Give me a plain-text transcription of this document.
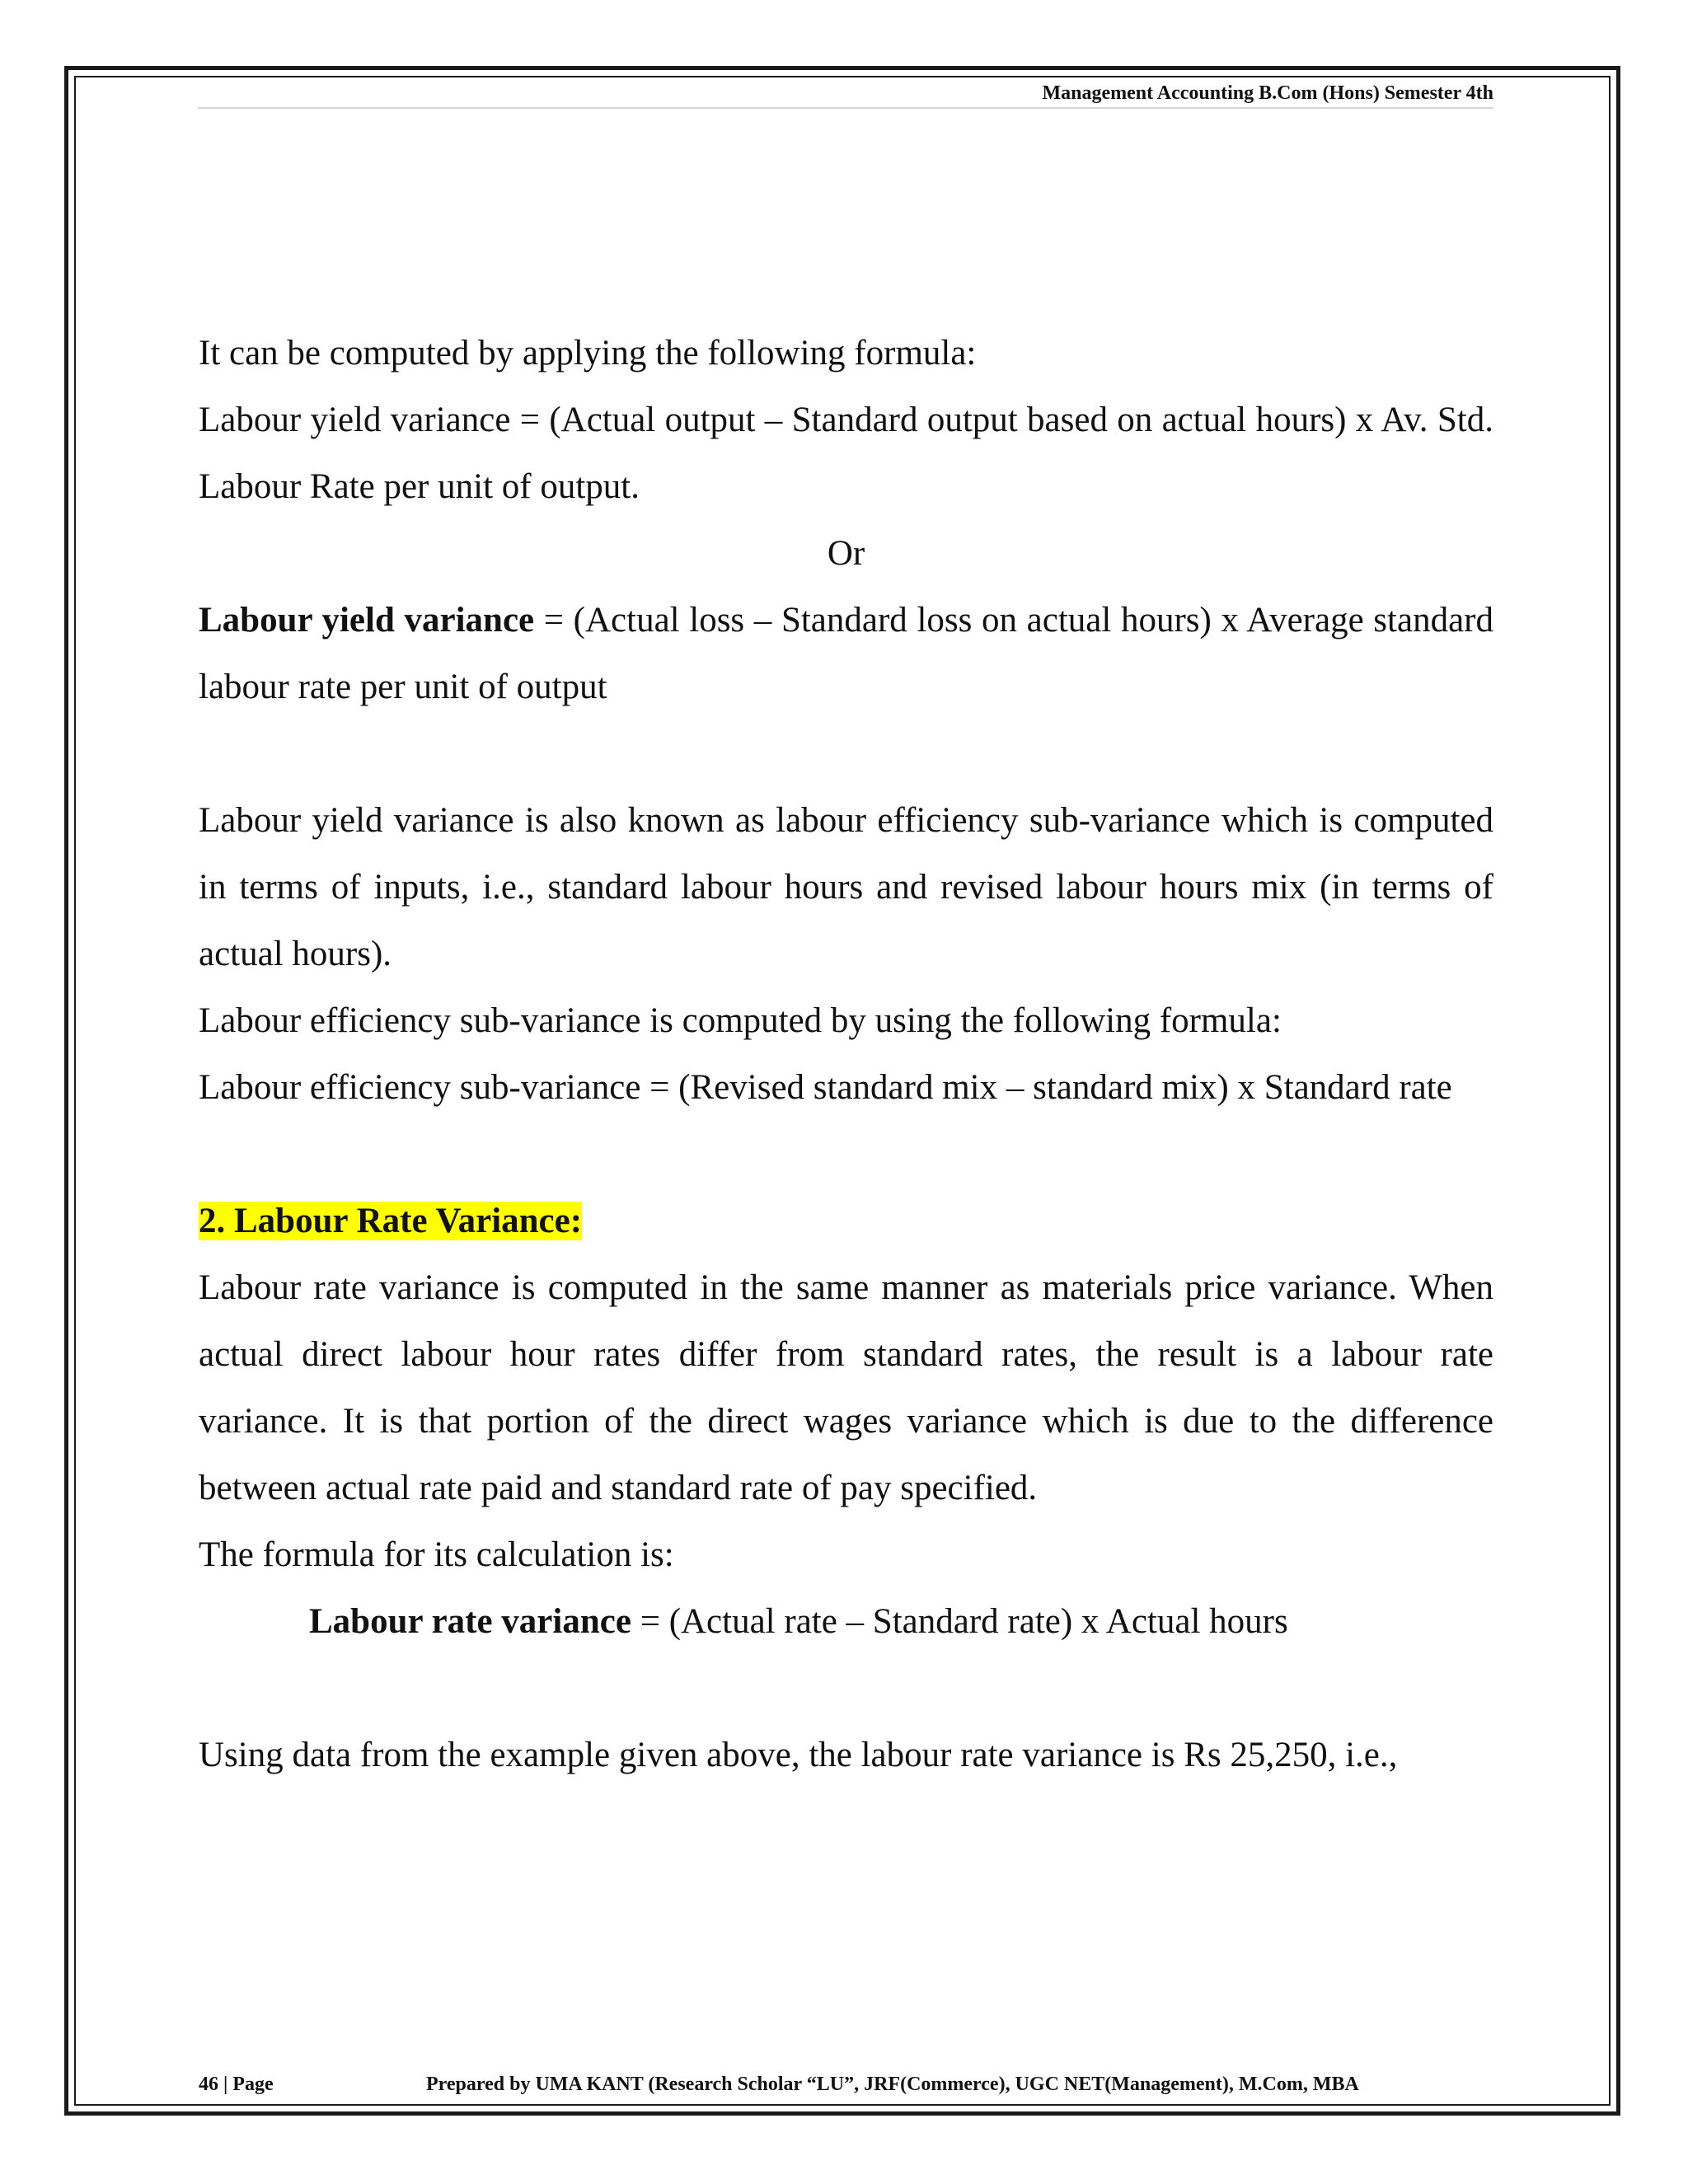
Management Accounting B.Com (Hons) Semester 4th

It can be computed by applying the following formula:

Labour yield variance = (Actual output – Standard output based on actual hours) x Av. Std. Labour Rate per unit of output.

Or

Labour yield variance = (Actual loss – Standard loss on actual hours) x Average standard labour rate per unit of output

Labour yield variance is also known as labour efficiency sub-variance which is computed in terms of inputs, i.e., standard labour hours and revised labour hours mix (in terms of actual hours).

Labour efficiency sub-variance is computed by using the following formula:

Labour efficiency sub-variance = (Revised standard mix – standard mix) x Standard rate

2. Labour Rate Variance:

Labour rate variance is computed in the same manner as materials price variance. When actual direct labour hour rates differ from standard rates, the result is a labour rate variance. It is that portion of the direct wages variance which is due to the difference between actual rate paid and standard rate of pay specified.

The formula for its calculation is:

Labour rate variance = (Actual rate – Standard rate) x Actual hours

Using data from the example given above, the labour rate variance is Rs 25,250, i.e.,

46 | Page	Prepared by UMA KANT (Research Scholar “LU”, JRF(Commerce), UGC NET(Management), M.Com, MBA
